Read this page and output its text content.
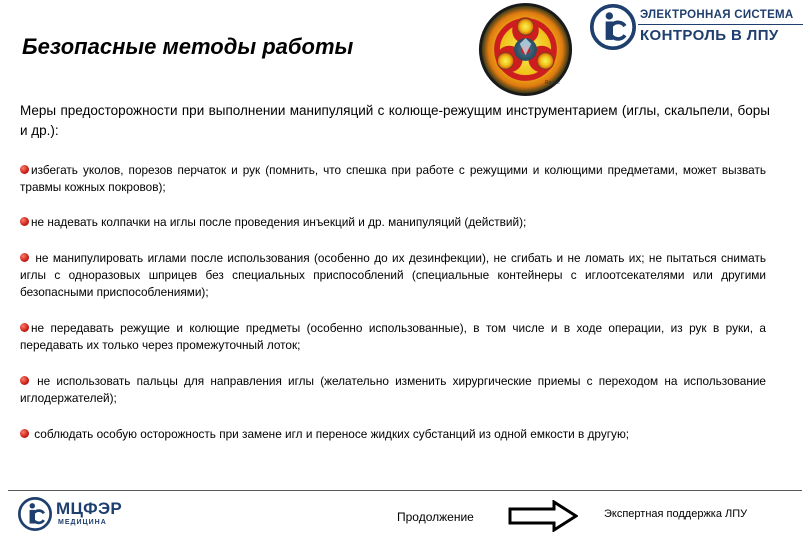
Безопасные методы работы
Raptor
ЭЛЕКТРОННАЯ СИСТЕМА
КОНТРОЛЬ В ЛПУ
Меры предосторожности при выполнении манипуляций с колюще-режущим инструментарием (иглы, скальпели, боры и др.):
избегать уколов, порезов перчаток и рук (помнить, что спешка при работе с режущими и колющими предметами, может вызвать травмы кожных покровов);
не надевать колпачки на иглы после проведения инъекций и др. манипуляций (действий);
не манипулировать иглами после использования (особенно до их дезинфекции), не сгибать и не ломать их; не пытаться снимать иглы с одноразовых шприцев без специальных приспособлений (специальные контейнеры с иглоотсекателями или другими безопасными приспособлениями);
не передавать режущие и колющие предметы (особенно использованные), в том числе и в ходе операции, из рук в руки, а передавать их только через промежуточный лоток;
не использовать пальцы для направления иглы (желательно изменить хирургические приемы с переходом на использование иглодержателей);
соблюдать особую осторожность при замене игл и переносе жидких субстанций из одной емкости в другую;
МЦФЭР
МЕДИЦИНА	Продолжение	Экспертная поддержка ЛПУ
